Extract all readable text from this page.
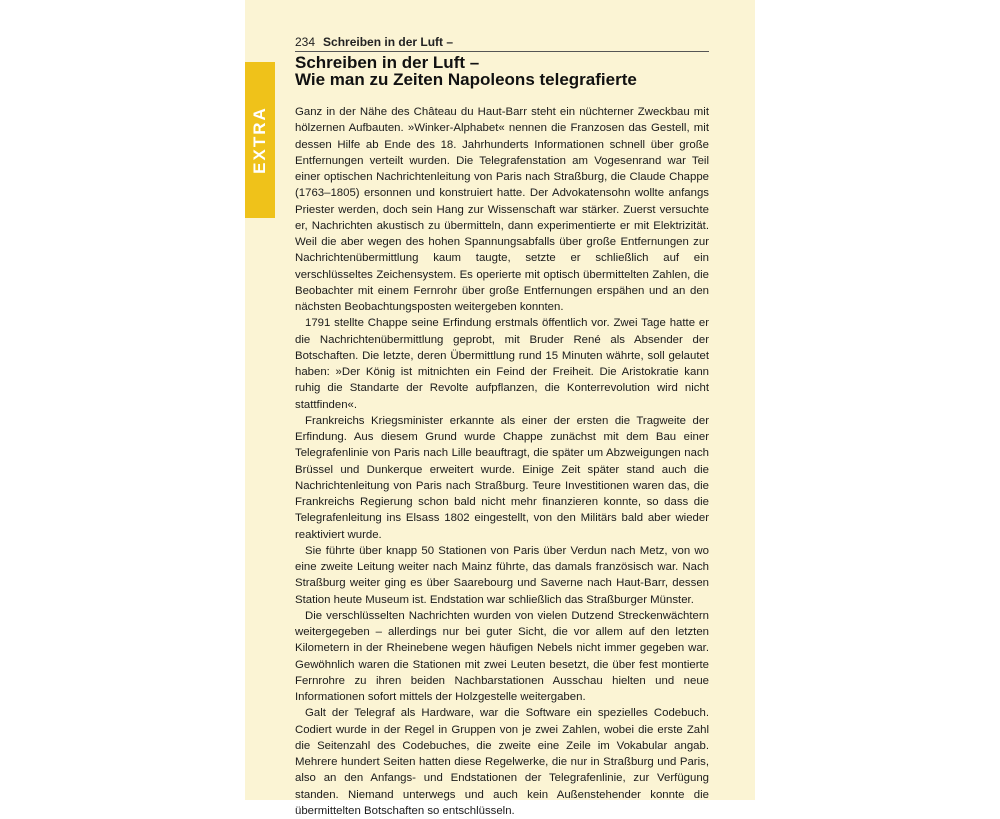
EXTRA
234 Schreiben in der Luft –
Schreiben in der Luft –
Wie man zu Zeiten Napoleons telegrafierte

Ganz in der Nähe des Château du Haut-Barr steht ein nüchterner Zweckbau mit hölzernen Aufbauten. »Winker-Alphabet« nennen die Franzosen das Gestell, mit dessen Hilfe ab Ende des 18. Jahrhunderts Informationen schnell über große Entfernungen verteilt wurden. Die Telegrafenstation am Vogesenrand war Teil einer optischen Nachrichtenleitung von Paris nach Straßburg, die Claude Chappe (1763–1805) ersonnen und konstruiert hatte. Der Advokatensohn wollte anfangs Priester werden, doch sein Hang zur Wissenschaft war stärker. Zuerst versuchte er, Nachrichten akustisch zu übermitteln, dann experimentierte er mit Elektrizität. Weil die aber wegen des hohen Spannungsabfalls über große Entfernungen zur Nachrichtenübermittlung kaum taugte, setzte er schließlich auf ein verschlüsseltes Zeichensystem. Es operierte mit optisch übermittelten Zahlen, die Beobachter mit einem Fernrohr über große Entfernungen erspähen und an den nächsten Beobachtungsposten weitergeben konnten.

1791 stellte Chappe seine Erfindung erstmals öffentlich vor. Zwei Tage hatte er die Nachrichtenübermittlung geprobt, mit Bruder René als Absender der Botschaften. Die letzte, deren Übermittlung rund 15 Minuten währte, soll gelautet haben: »Der König ist mitnichten ein Feind der Freiheit. Die Aristokratie kann ruhig die Standarte der Revolte aufpflanzen, die Konterrevolution wird nicht stattfinden«.

Frankreichs Kriegsminister erkannte als einer der ersten die Tragweite der Erfindung. Aus diesem Grund wurde Chappe zunächst mit dem Bau einer Telegrafenlinie von Paris nach Lille beauftragt, die später um Abzweigungen nach Brüssel und Dunkerque erweitert wurde. Einige Zeit später stand auch die Nachrichtenleitung von Paris nach Straßburg. Teure Investitionen waren das, die Frankreichs Regierung schon bald nicht mehr finanzieren konnte, so dass die Telegrafenleitung ins Elsass 1802 eingestellt, von den Militärs bald aber wieder reaktiviert wurde.

Sie führte über knapp 50 Stationen von Paris über Verdun nach Metz, von wo eine zweite Leitung weiter nach Mainz führte, das damals französisch war. Nach Straßburg weiter ging es über Saarebourg und Saverne nach Haut-Barr, dessen Station heute Museum ist. Endstation war schließlich das Straßburger Münster.

Die verschlüsselten Nachrichten wurden von vielen Dutzend Streckenwächtern weitergegeben – allerdings nur bei guter Sicht, die vor allem auf den letzten Kilometern in der Rheinebene wegen häufigen Nebels nicht immer gegeben war. Gewöhnlich waren die Stationen mit zwei Leuten besetzt, die über fest montierte Fernrohre zu ihren beiden Nachbarstationen Ausschau hielten und neue Informationen sofort mittels der Holzgestelle weitergaben.

Galt der Telegraf als Hardware, war die Software ein spezielles Codebuch. Codiert wurde in der Regel in Gruppen von je zwei Zahlen, wobei die erste Zahl die Seitenzahl des Codebuches, die zweite eine Zeile im Vokabular angab. Mehrere hundert Seiten hatten diese Regelwerke, die nur in Straßburg und Paris, also an den Anfangs- und Endstationen der Telegrafenlinie, zur Verfügung standen. Niemand unterwegs und auch kein Außenstehender konnte die übermittelten Botschaften so entschlüsseln.
